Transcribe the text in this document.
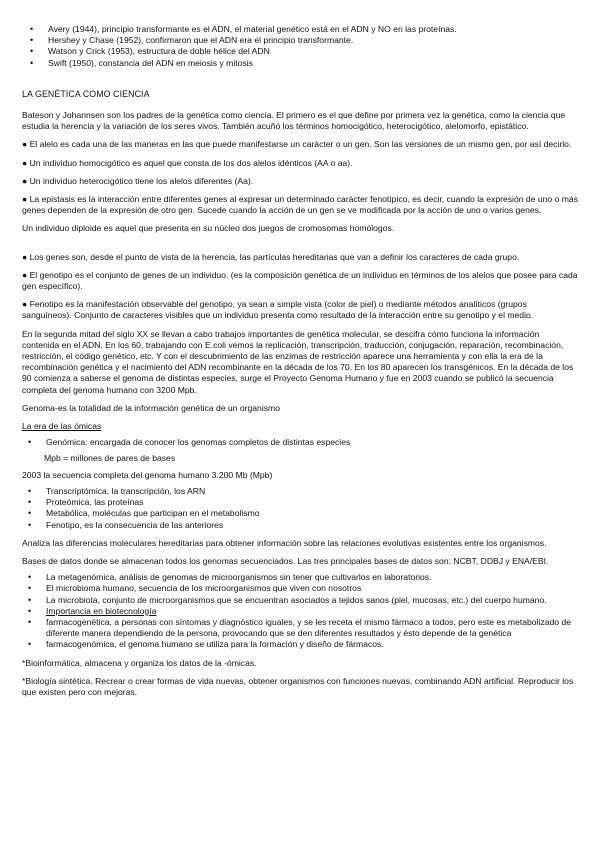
• Avery (1944), principio transformante es el ADN, el material genético está en el ADN y NO en las proteínas.
• Hershey y Chase (1952), confirmaron que el ADN era el principio transformante.
• Watson y Crick (1953), estructura de doble hélice del ADN
• Swift (1950), constancia del ADN en meiosis y mitosis

LA GENÉTICA COMO CIENCIA

Bateson y Johannsen son los padres de la genética como ciencia. El primero es el que define por primera vez la genética, como la ciencia que estudia la herencia y la variación de los seres vivos. También acuñó los términos homocigótico, heterocigótico, alelomorfo, epistático.

● El alelo es cada una de las maneras en las que puede manifestarse un carácter o un gen. Son las versiones de un mismo gen, por así decirlo.

● Un individuo homocigótico es aquel que consta de los dos alelos idénticos (AA o aa).

● Un individuo heterocigótico tiene los alelos diferentes (Aa).

● La epistasis es la interacción entre diferentes genes al expresar un determinado carácter fenotípico, es decir, cuando la expresión de uno o más genes dependen de la expresión de otro gen. Sucede cuando la acción de un gen se ve modificada por la acción de uno o varios genes.

Un individuo diploide es aquel que presenta en su núcleo dos juegos de cromosomas homólogos.

● Los genes son, desde el punto de vista de la herencia, las partículas hereditarias que van a definir los caracteres de cada grupo.

● El genotipo es el conjunto de genes de un individuo. (es la composición genética de un individuo en términos de los alelos que posee para cada gen específico).

● Fenotipo es la manifestación observable del genotipo, ya sean a simple vista (color de piel) o mediante métodos analíticos (grupos sanguíneos). Conjunto de caracteres visibles que un individuo presenta como resultado de la interacción entre su genotipo y el medio.

En la segunda mitad del siglo XX se llevan a cabo trabajos importantes de genética molecular, se descifra cómo funciona la información contenida en el ADN. En los 60, trabajando con E.coli vemos la replicación, transcripción, traducción, conjugación, reparación, recombinación, restricción, el código genético, etc. Y con el descubrimiento de las enzimas de restricción aparece una herramienta y con ella la era de la recombinación genética y el nacimiento del ADN recombinante en la década de los 70. En los 80 aparecen los transgénicos. En la década de los 90 comienza a saberse el genoma de distintas especies, surge el Proyecto Genoma Humano y fue en 2003 cuando se publicó la secuencia completa del genoma humano con 3200 Mpb.

Genoma-es la totalidad de la información genética de un organismo

La era de las ómicas

• Genómica: encargada de conocer los genomas completos de distintas especies

Mpb = millones de pares de bases

2003 la secuencia completa del genoma humano 3.200 Mb (Mpb)

• Transcriptómica, la transcripción, los ARN
• Proteómica, las proteínas
• Metabólica, moléculas que participan en el metabolismo
• Fenotipo, es la consecuencia de las anteriores

Analiza las diferencias moleculares hereditarias para obtener información sobre las relaciones evolutivas existentes entre los organismos.

Bases de datos donde se almacenan todos los genomas secuenciados. Las tres principales bases de datos son: NCBT, DDBJ y ENA/EBI.

• La metagenómica, análisis de genomas de microorganismos sin tener que cultivarlos en laboratorios.
• El microbioma humano, secuencia de los microorganismos que viven con nosotros
• La microbiota, conjunto de microorganismos que se encuentran asociados a tejidos sanos (piel, mucosas, etc.) del cuerpo humano.
• Importancia en biotecnología
• farmacogenética, a personas con síntomas y diagnóstico iguales, y se les receta el mismo fármaco a todos, pero este es metabolizado de diferente manera dependiendo de la persona, provocando que se den diferentes resultados y ésto depende de la genética
• farmacogenómica, el genoma humano se utiliza para la formación y diseño de fármacos.

*Bioinformática, almacena y organiza los datos de la -ómicas.

*Biología sintética. Recrear o crear formas de vida nuevas, obtener organismos con funciones nuevas, combinando ADN artificial. Reproducir los que existen pero con mejoras.
